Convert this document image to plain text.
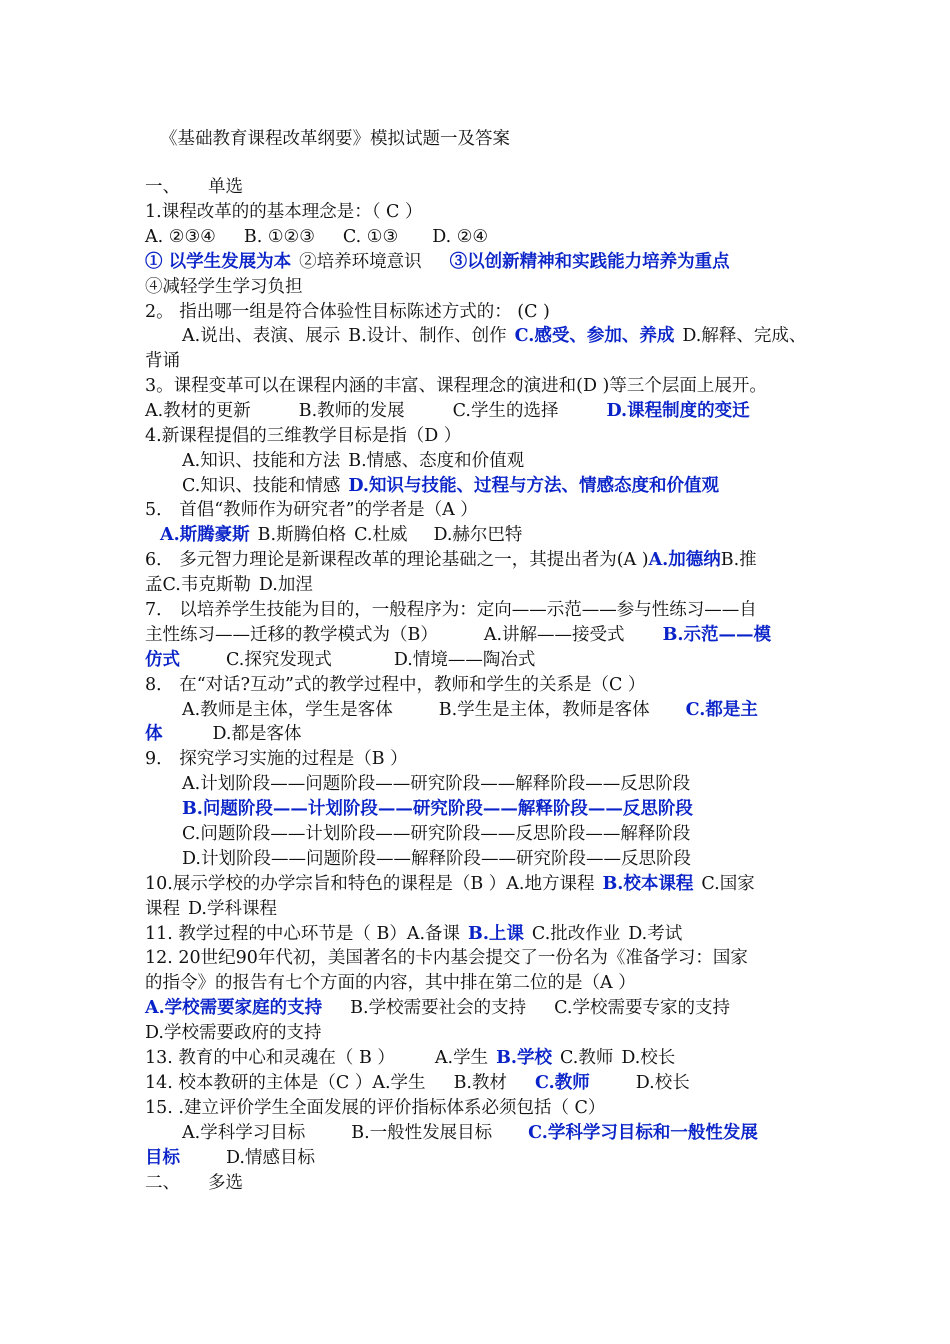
《基础教育课程改革纲要》模拟试题一及答案
一、 单选
1.课程改革的的基本理念是：（ C ）
A. ②③④ B. ①②③ C. ①③ D. ②④
① 以学生发展为本 ②培养环境意识 ③以创新精神和实践能力培养为重点
④减轻学生学习负担
2。 指出哪一组是符合体验性目标陈述方式的： (C )
A.说出、表演、展示 B.设计、制作、创作 C.感受、参加、养成 D.解释、完成、
背诵
3。课程变革可以在课程内涵的丰富、课程理念的演进和(D )等三个层面上展开。
A.教材的更新	B.教师的发展	C.学生的选择	D.课程制度的变迁
4.新课程提倡的三维教学目标是指（D ）
A.知识、技能和方法 B.情感、态度和价值观
C.知识、技能和情感 D.知识与技能、过程与方法、情感态度和价值观
5． 首倡“教师作为研究者”的学者是（A ）
A.斯腾豪斯 B.斯腾伯格 C.杜威 D.赫尔巴特
6． 多元智力理论是新课程改革的理论基础之一，其提出者为(A )A.加德纳B.推
孟C.韦克斯勒 D.加涅
7． 以培养学生技能为目的，一般程序为：定向——示范——参与性练习——自
主性练习——迁移的教学模式为（B）	A.讲解——接受式 B.示范——模
仿式	C.探究发现式	D.情境——陶冶式
8． 在“对话?互动”式的教学过程中，教师和学生的关系是（C ）
A.教师是主体，学生是客体	B.学生是主体，教师是客体 C.都是主
体	D.都是客体
9． 探究学习实施的过程是（B ）
A.计划阶段——问题阶段——研究阶段——解释阶段——反思阶段
B.问题阶段——计划阶段——研究阶段——解释阶段——反思阶段
C.问题阶段——计划阶段——研究阶段——反思阶段——解释阶段
D.计划阶段——问题阶段——解释阶段——研究阶段——反思阶段
10.展示学校的办学宗旨和特色的课程是（B ）A.地方课程 B.校本课程 C.国家
课程 D.学科课程
11. 教学过程的中心环节是（ B）A.备课 B.上课 C.批改作业 D.考试
12. 20世纪90年代初，美国著名的卡内基会提交了一份名为《准备学习：国家
的指令》的报告有七个方面的内容，其中排在第二位的是（A ）
A.学校需要家庭的支持 B.学校需要社会的支持 C.学校需要专家的支持
D.学校需要政府的支持
13. 教育的中心和灵魂在（ B ） A.学生 B.学校 C.教师 D.校长
14. 校本教研的主体是（C ）A.学生 B.教材 C.教师	D.校长
15. .建立评价学生全面发展的评价指标体系必须包括（ C）
A.学科学习目标	B.一般性发展目标 C.学科学习目标和一般性发展
目标	D.情感目标
二、 多选
